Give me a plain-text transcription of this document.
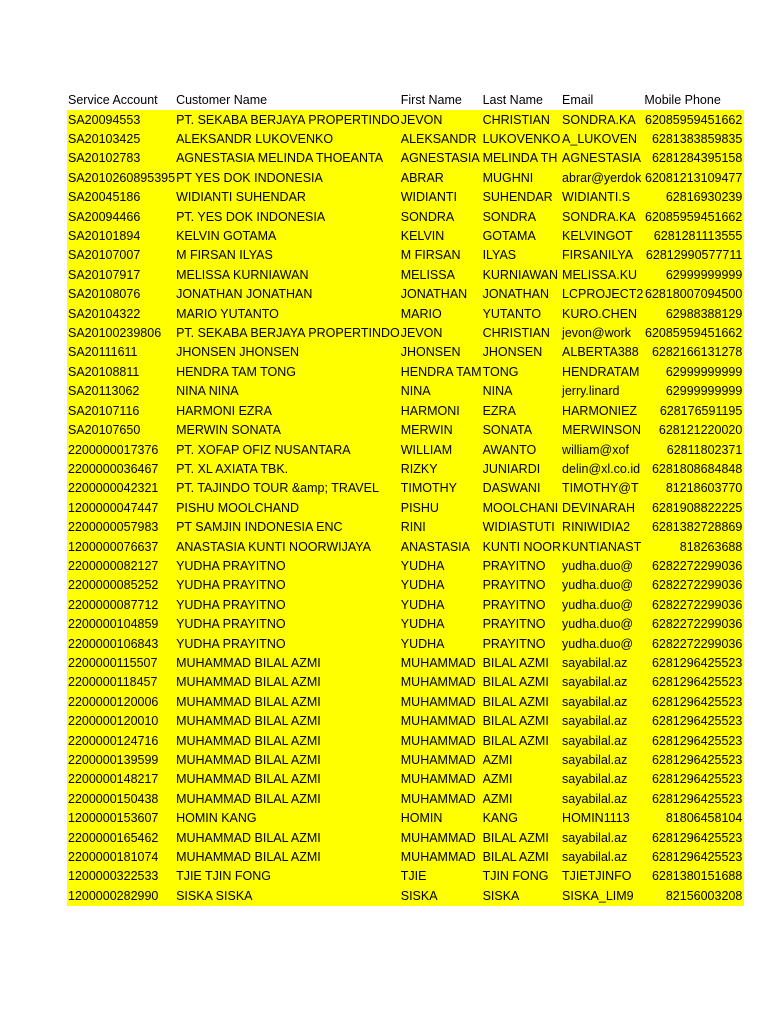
Service Account	Customer Name	First Name	Last Name	Email	Mobile Phone
SA20094553	PT. SEKABA BERJAYA PROPERTINDO	JEVON	CHRISTIAN	SONDRA.KA	62085959451662
SA20103425	ALEKSANDR LUKOVENKO	ALEKSANDR	LUKOVENKO	A_LUKOVEN	6281383859835
SA20102783	AGNESTASIA MELINDA THOEANTA	AGNESTASIA	MELINDA TH	AGNESTASIA	6281284395158
SA2010260895395	PT YES DOK INDONESIA	ABRAR	MUGHNI	abrar@yerdok	62081213109477
SA20045186	WIDIANTI SUHENDAR	WIDIANTI	SUHENDAR	WIDIANTI.S	62816930239
SA20094466	PT. YES DOK INDONESIA	SONDRA	SONDRA	SONDRA.KA	62085959451662
SA20101894	KELVIN GOTAMA	KELVIN	GOTAMA	KELVINGOT	6281281113555
SA20107007	M FIRSAN ILYAS	M FIRSAN	ILYAS	FIRSANILYA	62812990577711
SA20107917	MELISSA KURNIAWAN	MELISSA	KURNIAWAN	MELISSA.KU	62999999999
SA20108076	JONATHAN JONATHAN	JONATHAN	JONATHAN	LCPROJECT2	62818007094500
SA20104322	MARIO YUTANTO	MARIO	YUTANTO	KURO.CHEN	62988388129
SA20100239806	PT. SEKABA BERJAYA PROPERTINDO	JEVON	CHRISTIAN	jevon@work	62085959451662
SA20111611	JHONSEN JHONSEN	JHONSEN	JHONSEN	ALBERTA388	6282166131278
SA20108811	HENDRA TAM TONG	HENDRA TAM	TONG	HENDRATAM	62999999999
SA20113062	NINA NINA	NINA	NINA	jerry.linard	62999999999
SA20107116	HARMONI EZRA	HARMONI	EZRA	HARMONIEZ	628176591195
SA20107650	MERWIN SONATA	MERWIN	SONATA	MERWINSON	628121220020
2200000017376	PT. XOFAP OFIZ NUSANTARA	WILLIAM	AWANTO	william@xof	62811802371
2200000036467	PT. XL AXIATA TBK.	RIZKY	JUNIARDI	delin@xl.co.id	6281808684848
2200000042321	PT. TAJINDO TOUR &amp; TRAVEL	TIMOTHY	DASWANI	TIMOTHY@T	81218603770
1200000047447	PISHU MOOLCHAND	PISHU	MOOLCHANI	DEVINARAH	6281908822225
2200000057983	PT SAMJIN INDONESIA ENC	RINI	WIDIASTUTI	RINIWIDIA2	6281382728869
1200000076637	ANASTASIA KUNTI NOORWIJAYA	ANASTASIA	KUNTI NOOR	KUNTIANAST	818263688
2200000082127	YUDHA PRAYITNO	YUDHA	PRAYITNO	yudha.duo@	6282272299036
2200000085252	YUDHA PRAYITNO	YUDHA	PRAYITNO	yudha.duo@	6282272299036
2200000087712	YUDHA PRAYITNO	YUDHA	PRAYITNO	yudha.duo@	6282272299036
2200000104859	YUDHA PRAYITNO	YUDHA	PRAYITNO	yudha.duo@	6282272299036
2200000106843	YUDHA PRAYITNO	YUDHA	PRAYITNO	yudha.duo@	6282272299036
2200000115507	MUHAMMAD BILAL AZMI	MUHAMMAD	BILAL AZMI	sayabilal.az	6281296425523
2200000118457	MUHAMMAD BILAL AZMI	MUHAMMAD	BILAL AZMI	sayabilal.az	6281296425523
2200000120006	MUHAMMAD BILAL AZMI	MUHAMMAD	BILAL AZMI	sayabilal.az	6281296425523
2200000120010	MUHAMMAD BILAL AZMI	MUHAMMAD	BILAL AZMI	sayabilal.az	6281296425523
2200000124716	MUHAMMAD BILAL AZMI	MUHAMMAD	BILAL AZMI	sayabilal.az	6281296425523
2200000139599	MUHAMMAD BILAL AZMI	MUHAMMAD	AZMI	sayabilal.az	6281296425523
2200000148217	MUHAMMAD BILAL AZMI	MUHAMMAD	AZMI	sayabilal.az	6281296425523
2200000150438	MUHAMMAD BILAL AZMI	MUHAMMAD	AZMI	sayabilal.az	6281296425523
1200000153607	HOMIN KANG	HOMIN	KANG	HOMIN1113	81806458104
2200000165462	MUHAMMAD BILAL AZMI	MUHAMMAD	BILAL AZMI	sayabilal.az	6281296425523
2200000181074	MUHAMMAD BILAL AZMI	MUHAMMAD	BILAL AZMI	sayabilal.az	6281296425523
1200000322533	TJIE TJIN FONG	TJIE	TJIN FONG	TJIETJINFO	6281380151688
1200000282990	SISKA SISKA	SISKA	SISKA	SISKA_LIM9	82156003208
